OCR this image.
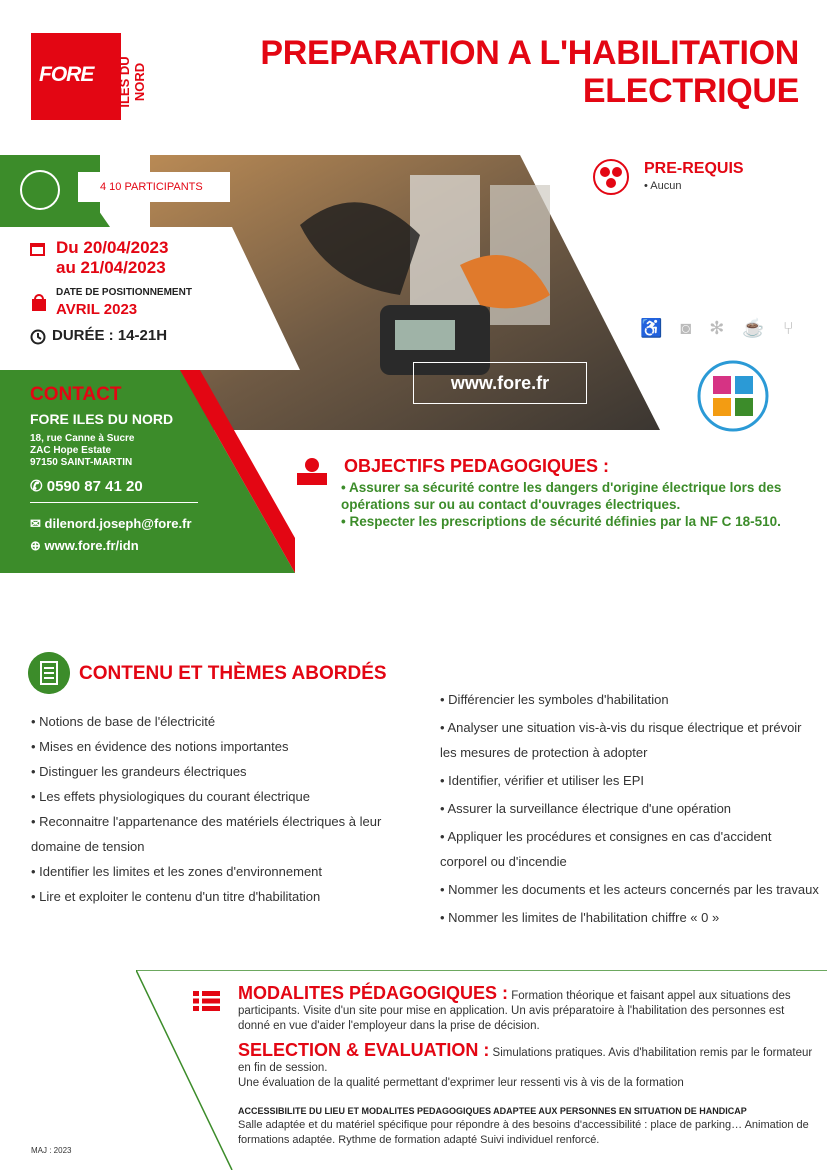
FORE ILES DU NORD
PREPARATION A L'HABILITATION
ELECTRIQUE
4 10 PARTICIPANTS
Du 20/04/2023
au 21/04/2023
DATE DE POSITIONNEMENT
AVRIL 2023
DURÉE : 14-21H
CONTACT
FORE ILES DU NORD
18, rue Canne à Sucre
ZAC Hope Estate
97150 SAINT-MARTIN
✆ 0590 87 41 20
✉ dilenord.joseph@fore.fr
⊕ www.fore.fr/idn
www.fore.fr
PRE-REQUIS
• Aucun
♿ ◙ ✻ ☕ ⑂
OBJECTIFS PEDAGOGIQUES :
• Assurer sa sécurité contre les dangers d'origine électrique lors des opérations sur ou au contact d'ouvrages électriques.
• Respecter les prescriptions de sécurité définies par la NF C 18-510.
CONTENU ET THÈMES ABORDÉS
• Notions de base de l'électricité
• Mises en évidence des notions importantes
• Distinguer les grandeurs électriques
• Les effets physiologiques du courant électrique
• Reconnaitre l'appartenance des matériels électriques à leur domaine de tension
• Identifier les limites et les zones d'environnement
• Lire et exploiter le contenu d'un titre d'habilitation
• Différencier les symboles d'habilitation
• Analyser une situation vis-à-vis du risque électrique et prévoir les mesures de protection à adopter
• Identifier, vérifier et utiliser les EPI
• Assurer la surveillance électrique d'une opération
• Appliquer les procédures et consignes en cas d'accident corporel ou d'incendie
• Nommer les documents et les acteurs concernés par les travaux
• Nommer les limites de l'habilitation chiffre « 0 »
MODALITES PÉDAGOGIQUES : Formation théorique et faisant appel aux situations des participants. Visite d'un site pour mise en application. Un avis préparatoire à l'habilitation des personnes est donné en vue d'aider l'employeur dans la prise de décision.
SELECTION & EVALUATION : Simulations pratiques. Avis d'habilitation remis par le formateur en fin de session.
Une évaluation de la qualité permettant d'exprimer leur ressenti vis à vis de la formation
ACCESSIBILITE DU LIEU ET MODALITES PEDAGOGIQUES ADAPTEE AUX PERSONNES EN SITUATION DE HANDICAP
Salle adaptée et du matériel spécifique pour répondre à des besoins d'accessibilité : place de parking… Animation de formations adaptée. Rythme de formation adapté Suivi individuel renforcé.
MAJ : 2023
